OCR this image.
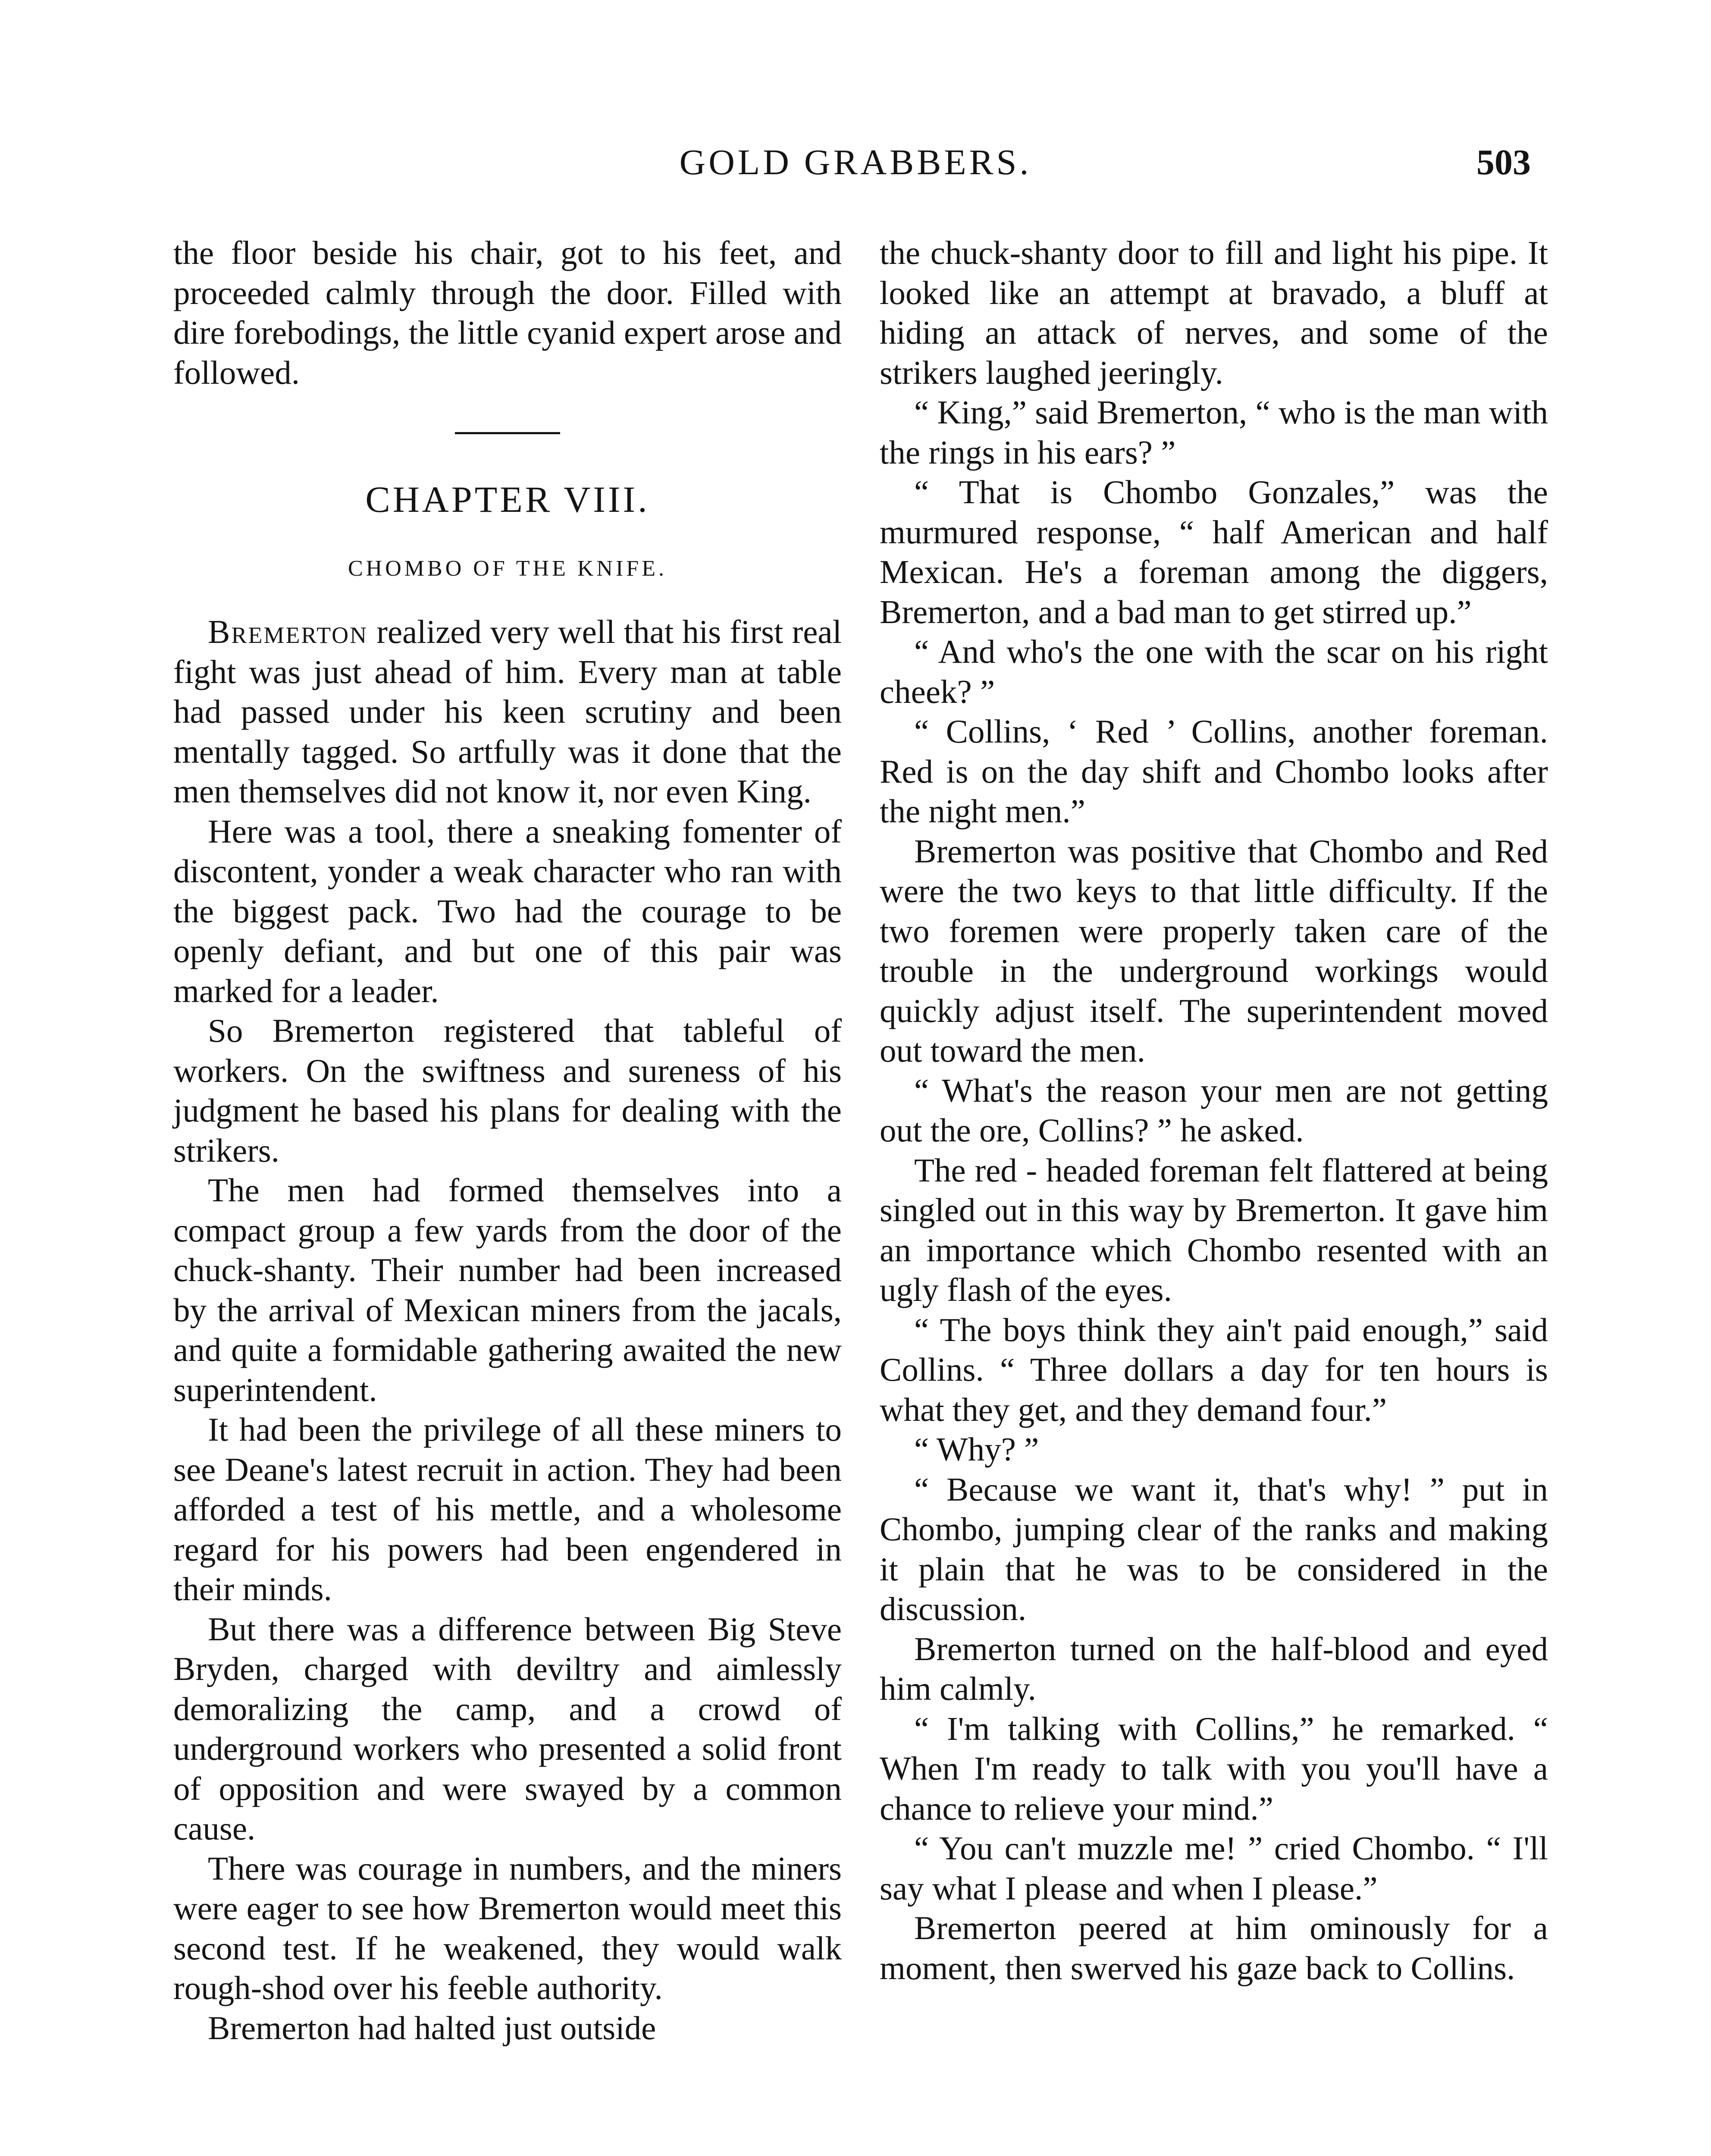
GOLD GRABBERS.	503

the floor beside his chair, got to his feet, and proceeded calmly through the door. Filled with dire forebodings, the little cyanid expert arose and followed.

CHAPTER VIII.
CHOMBO OF THE KNIFE.

Bremerton realized very well that his first real fight was just ahead of him. Every man at table had passed under his keen scrutiny and been mentally tagged. So artfully was it done that the men themselves did not know it, nor even King.

Here was a tool, there a sneaking fomenter of discontent, yonder a weak character who ran with the biggest pack. Two had the courage to be openly defiant, and but one of this pair was marked for a leader.

So Bremerton registered that tableful of workers. On the swiftness and sureness of his judgment he based his plans for dealing with the strikers.

The men had formed themselves into a compact group a few yards from the door of the chuck-shanty. Their number had been increased by the arrival of Mexican miners from the jacals, and quite a formidable gathering awaited the new superintendent.

It had been the privilege of all these miners to see Deane's latest recruit in action. They had been afforded a test of his mettle, and a wholesome regard for his powers had been engendered in their minds.

But there was a difference between Big Steve Bryden, charged with deviltry and aimlessly demoralizing the camp, and a crowd of underground workers who presented a solid front of opposition and were swayed by a common cause.

There was courage in numbers, and the miners were eager to see how Bremerton would meet this second test. If he weakened, they would walk rough-shod over his feeble authority.

Bremerton had halted just outside

the chuck-shanty door to fill and light his pipe. It looked like an attempt at bravado, a bluff at hiding an attack of nerves, and some of the strikers laughed jeeringly.

“ King,” said Bremerton, “ who is the man with the rings in his ears? ”

“ That is Chombo Gonzales,” was the murmured response, “ half American and half Mexican. He's a foreman among the diggers, Bremerton, and a bad man to get stirred up.”

“ And who's the one with the scar on his right cheek? ”

“ Collins, ‘ Red ’ Collins, another foreman. Red is on the day shift and Chombo looks after the night men.”

Bremerton was positive that Chombo and Red were the two keys to that little difficulty. If the two foremen were properly taken care of the trouble in the underground workings would quickly adjust itself. The superintendent moved out toward the men.

“ What's the reason your men are not getting out the ore, Collins? ” he asked.

The red - headed foreman felt flattered at being singled out in this way by Bremerton. It gave him an importance which Chombo resented with an ugly flash of the eyes.

“ The boys think they ain't paid enough,” said Collins. “ Three dollars a day for ten hours is what they get, and they demand four.”

“ Why? ”

“ Because we want it, that's why! ” put in Chombo, jumping clear of the ranks and making it plain that he was to be considered in the discussion.

Bremerton turned on the half-blood and eyed him calmly.

“ I'm talking with Collins,” he remarked. “ When I'm ready to talk with you you'll have a chance to relieve your mind.”

“ You can't muzzle me! ” cried Chombo. “ I'll say what I please and when I please.”

Bremerton peered at him ominously for a moment, then swerved his gaze back to Collins.
